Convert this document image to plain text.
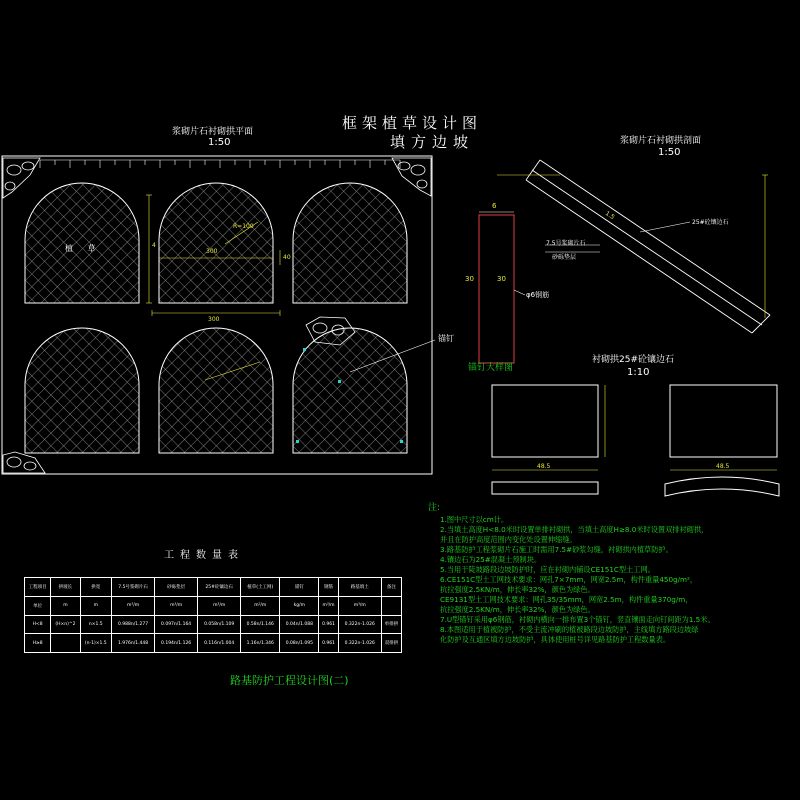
框架植草设计图
填方边坡
浆砌片石衬砌拱平面
1:50
植 草
锚钉
300
300
4
40
R=100
浆砌片石衬砌拱剖面
1:50
25#砼镶边石
7.5号浆砌片石
砂砾垫层
1.5
6
30	30
φ6钢筋
锚钉大样图
衬砌拱25#砼镶边石
1:10
48.5	48.5
注:
1.图中尺寸以cm计。
2.当填土高度H<8.0米时设置单排衬砌拱，当填土高度H≥8.0米时设置双排衬砌拱，
并且在防护高度范围内变化处设置伸缩缝。
3.路基防护工程浆砌片石施工时需用7.5#砂浆勾缝，衬砌拱内植草防护。
4.镶边石为25#混凝土预制块。
5.当用于陡坡路段边坡防护时，应在衬砌内铺设CE151C型土工网。
6.CE151C型土工网技术要求：网孔7×7mm，网宽2.5m，构件重量450g/m²，
抗拉强度2.5KN/m，伸长率32%，颜色为绿色。
CE9131型土工网技术要求：网孔35/35mm，网宽2.5m，构件重量370g/m，
抗拉强度2.5KN/m，伸长率32%，颜色为绿色。
7.U型锚钉采用φ6钢筋，衬砌内横向一排布置3个锚钉，竖直镶面走向钉间距为1.5米。
8.本图适用于植被防护，不受主流冲刷的植被路段边坡防护，主线填方路段边坡绿
化防护及互通区填方边坡防护，具体使用桩号详见路基防护工程数量表。
工程数量表
工程项目	拱坡长	拱宽	7.5号浆砌片石	砂砾垫层	25#砼镶边石	植草(土工网)	锚钉	钢筋	路基填土	备注
单位	m	m	m³/m	m³/m	m³/m	m²/m	kg/m	m³/m	m³/m	
H<8	(H×n)^2	n×1.5	0.988n/1.277	0.097n/1.164	0.058n/1.109	0.58n/1.146	0.04n/1.088	0.961	0.322n-1.026	单排拱
H≥8		(n-1)×1.5	1.976n/1.448	0.194n/1.126	0.116n/1.004	1.16n/1.346	0.08n/1.095	0.961	0.322n-1.026	双排拱
路基防护工程设计图(二)
